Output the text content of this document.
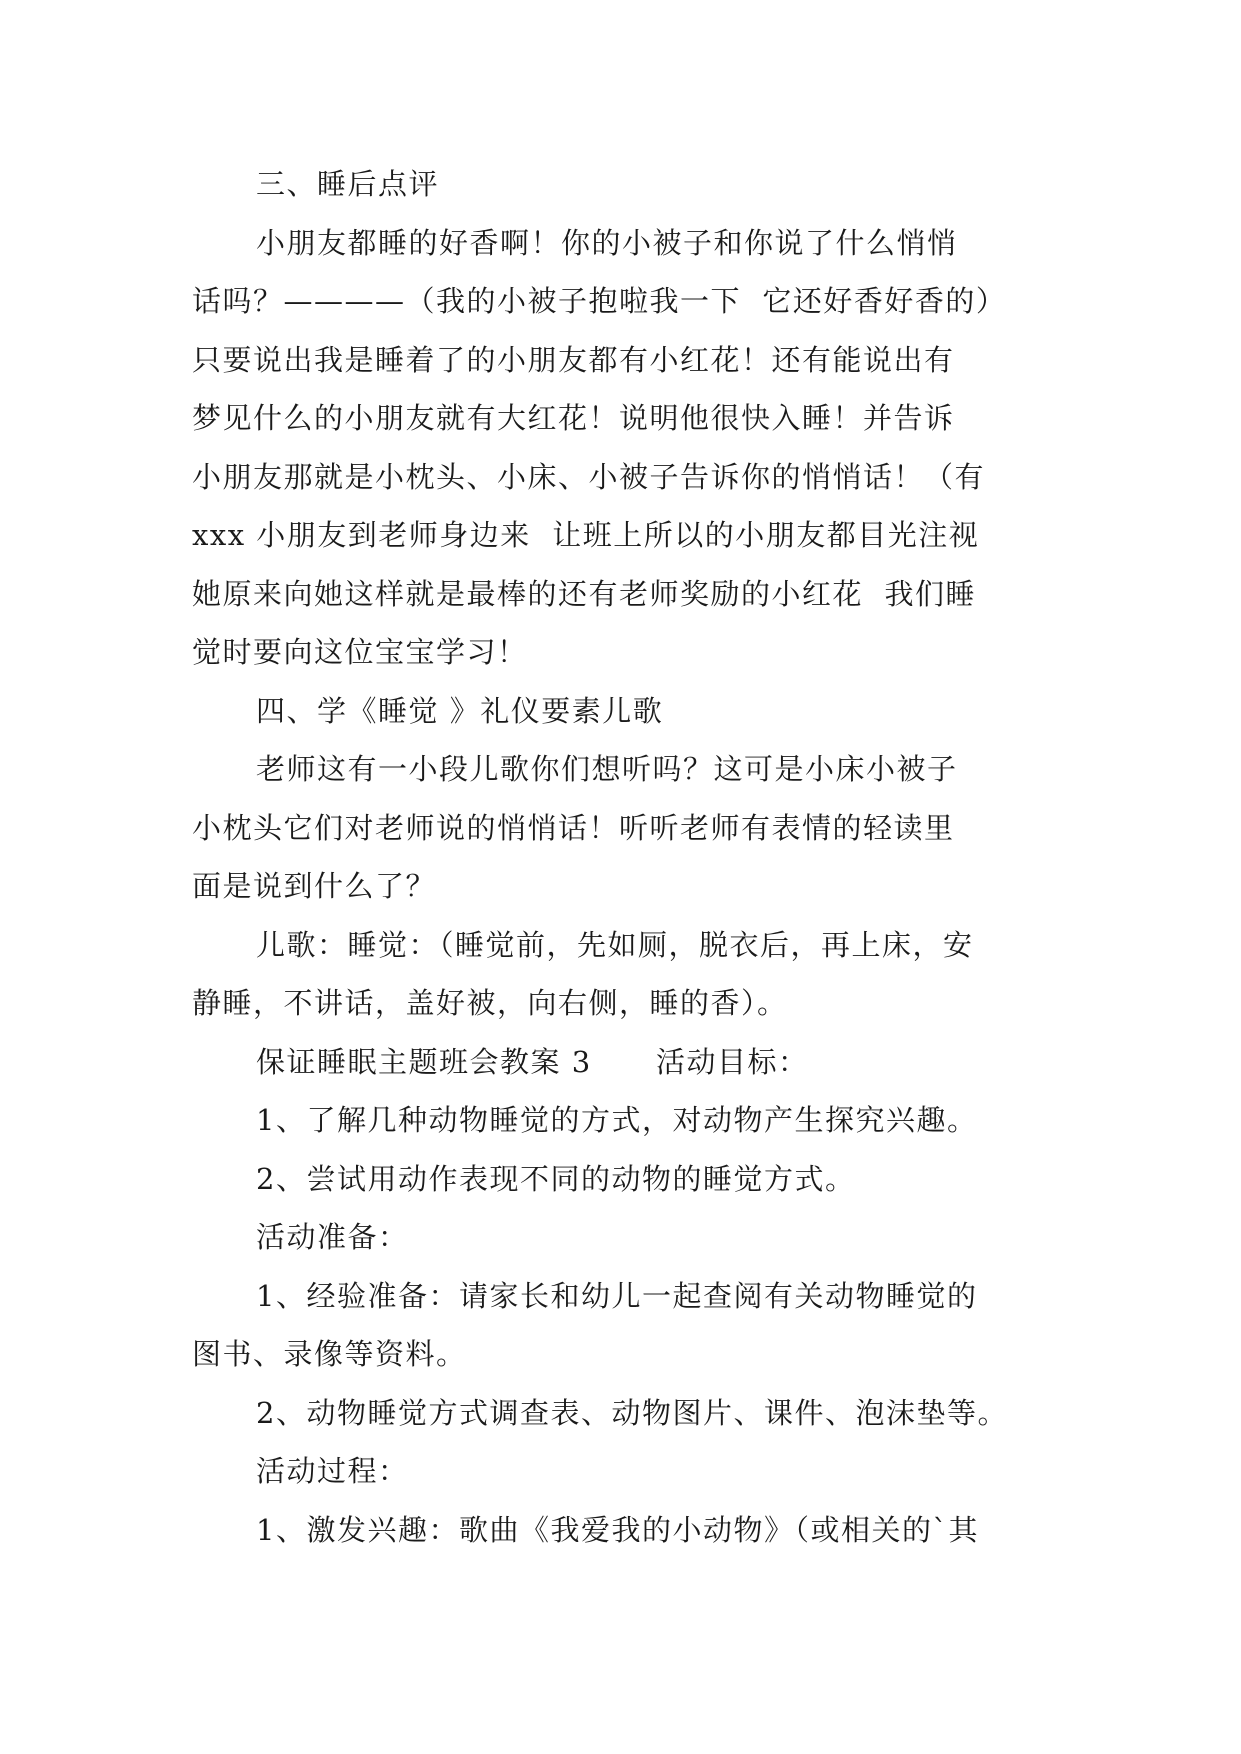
三、睡后点评
小朋友都睡的好香啊！你的小被子和你说了什么悄悄
话吗？————（我的小被子抱啦我一下  它还好香好香的）
只要说出我是睡着了的小朋友都有小红花！还有能说出有
梦见什么的小朋友就有大红花！说明他很快入睡！并告诉
小朋友那就是小枕头、小床、小被子告诉你的悄悄话！（有
xxx 小朋友到老师身边来  让班上所以的小朋友都目光注视
她原来向她这样就是最棒的还有老师奖励的小红花  我们睡
觉时要向这位宝宝学习！
四、学《睡觉 》礼仪要素儿歌
老师这有一小段儿歌你们想听吗？这可是小床小被子
小枕头它们对老师说的悄悄话！听听老师有表情的轻读里
面是说到什么了？
儿歌：睡觉：（睡觉前，先如厕，脱衣后，再上床，安
静睡，不讲话，盖好被，向右侧，睡的香）。
保证睡眠主题班会教案 3      活动目标：
1、了解几种动物睡觉的方式，对动物产生探究兴趣。
2、尝试用动作表现不同的动物的睡觉方式。
活动准备：
1、经验准备：请家长和幼儿一起查阅有关动物睡觉的
图书、录像等资料。
2、动物睡觉方式调查表、动物图片、课件、泡沫垫等。
活动过程：
1、激发兴趣：歌曲《我爱我的小动物》（或相关的`其
